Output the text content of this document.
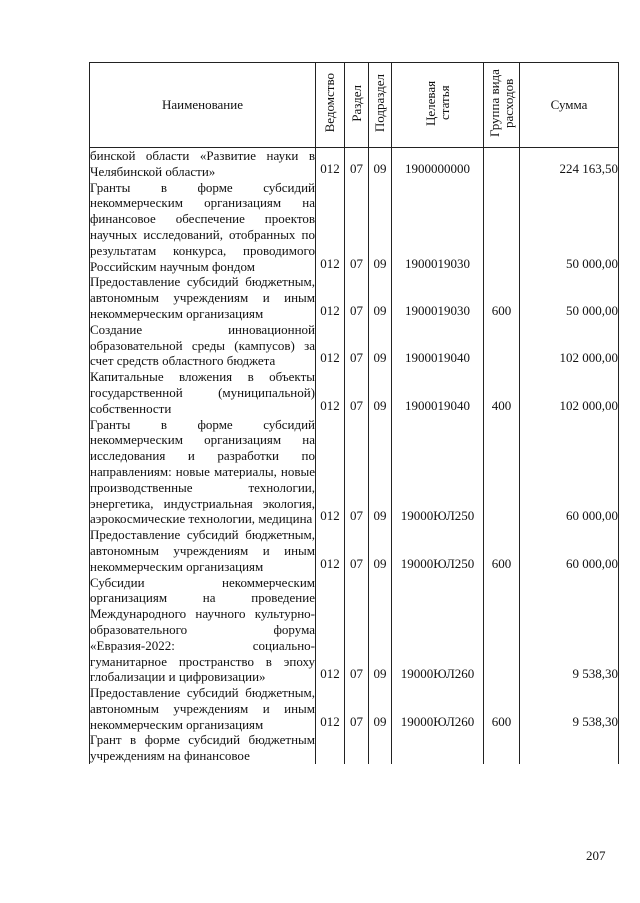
Наименование	Ведомство	Раздел	Подраздел	Целевая статья	Группа вида расходов	Сумма
бинской области «Развитие науки в Челябинской области»	012	07	09	1900000000		224 163,50
Гранты в форме субсидий некоммерческим организациям на финансовое обеспечение проектов научных исследований, отобранных по результатам конкурса, проводимого Российским научным фондом	012	07	09	1900019030		50 000,00
Предоставление субсидий бюджетным, автономным учреждениям и иным некоммерческим организациям	012	07	09	1900019030	600	50 000,00
Создание инновационной образовательной среды (кампусов) за счет средств областного бюджета	012	07	09	1900019040		102 000,00
Капитальные вложения в объекты государственной (муниципальной) собственности	012	07	09	1900019040	400	102 000,00
Гранты в форме субсидий некоммерческим организациям на исследования и разработки по направлениям: новые материалы, новые производственные технологии, энергетика, индустриальная экология, аэрокосмические технологии, медицина	012	07	09	19000ЮЛ250		60 000,00
Предоставление субсидий бюджетным, автономным учреждениям и иным некоммерческим организациям	012	07	09	19000ЮЛ250	600	60 000,00
Субсидии некоммерческим организациям на проведение Международного научного культурно-образовательного форума «Евразия-2022: социально-гуманитарное пространство в эпоху глобализации и цифровизации»	012	07	09	19000ЮЛ260		9 538,30
Предоставление субсидий бюджетным, автономным учреждениям и иным некоммерческим организациям	012	07	09	19000ЮЛ260	600	9 538,30
Грант в форме субсидий бюджетным учреждениям на финансовое						
207
